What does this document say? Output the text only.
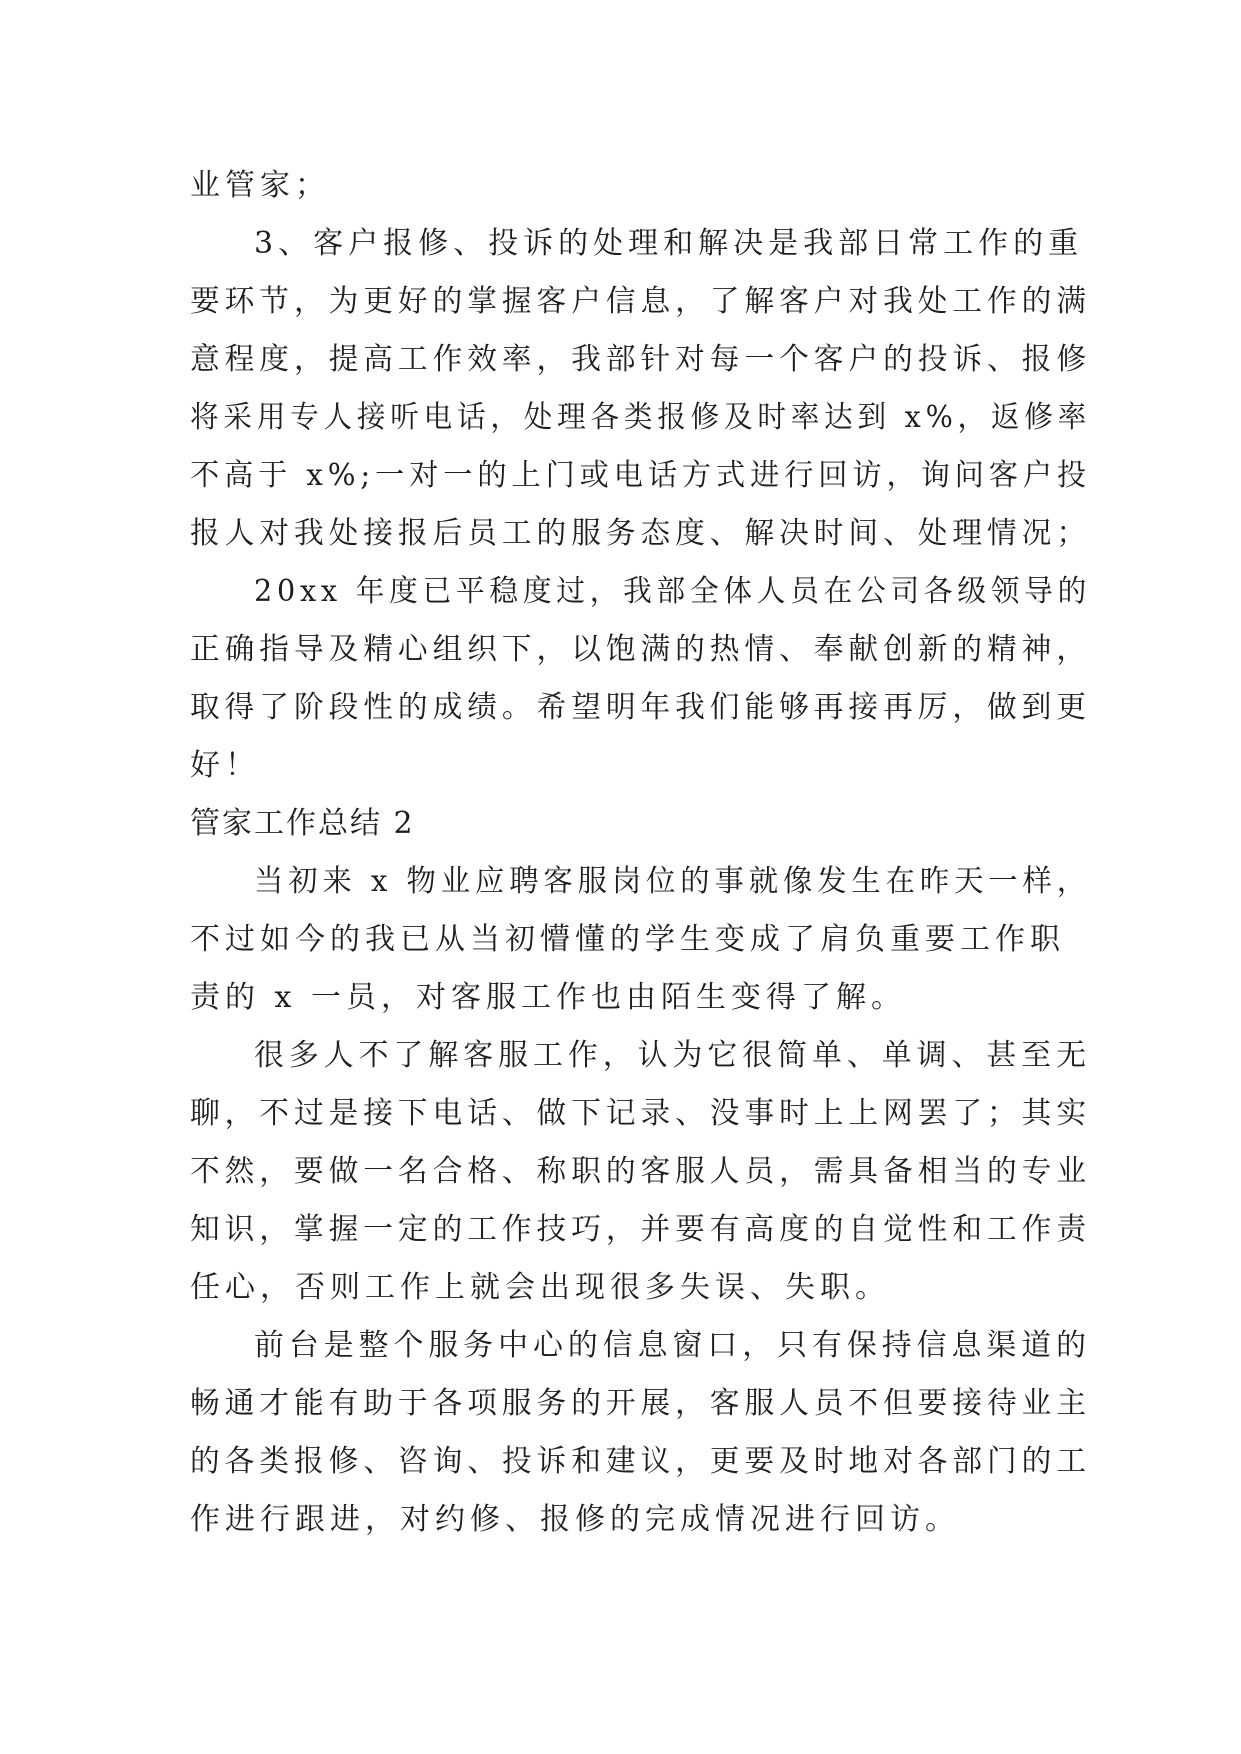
业管家；
3、客户报修、投诉的处理和解决是我部日常工作的重
要环节，为更好的掌握客户信息，了解客户对我处工作的满
意程度，提高工作效率，我部针对每一个客户的投诉、报修
将采用专人接听电话，处理各类报修及时率达到 x%，返修率
不高于 x%;一对一的上门或电话方式进行回访，询问客户投
报人对我处接报后员工的服务态度、解决时间、处理情况；
20xx 年度已平稳度过，我部全体人员在公司各级领导的
正确指导及精心组织下，以饱满的热情、奉献创新的精神，
取得了阶段性的成绩。希望明年我们能够再接再厉，做到更
好！
管家工作总结 2
当初来 x 物业应聘客服岗位的事就像发生在昨天一样，
不过如今的我已从当初懵懂的学生变成了肩负重要工作职
责的 x 一员，对客服工作也由陌生变得了解。
很多人不了解客服工作，认为它很简单、单调、甚至无
聊，不过是接下电话、做下记录、没事时上上网罢了；其实
不然，要做一名合格、称职的客服人员，需具备相当的专业
知识，掌握一定的工作技巧，并要有高度的自觉性和工作责
任心，否则工作上就会出现很多失误、失职。
前台是整个服务中心的信息窗口，只有保持信息渠道的
畅通才能有助于各项服务的开展，客服人员不但要接待业主
的各类报修、咨询、投诉和建议，更要及时地对各部门的工
作进行跟进，对约修、报修的完成情况进行回访。
